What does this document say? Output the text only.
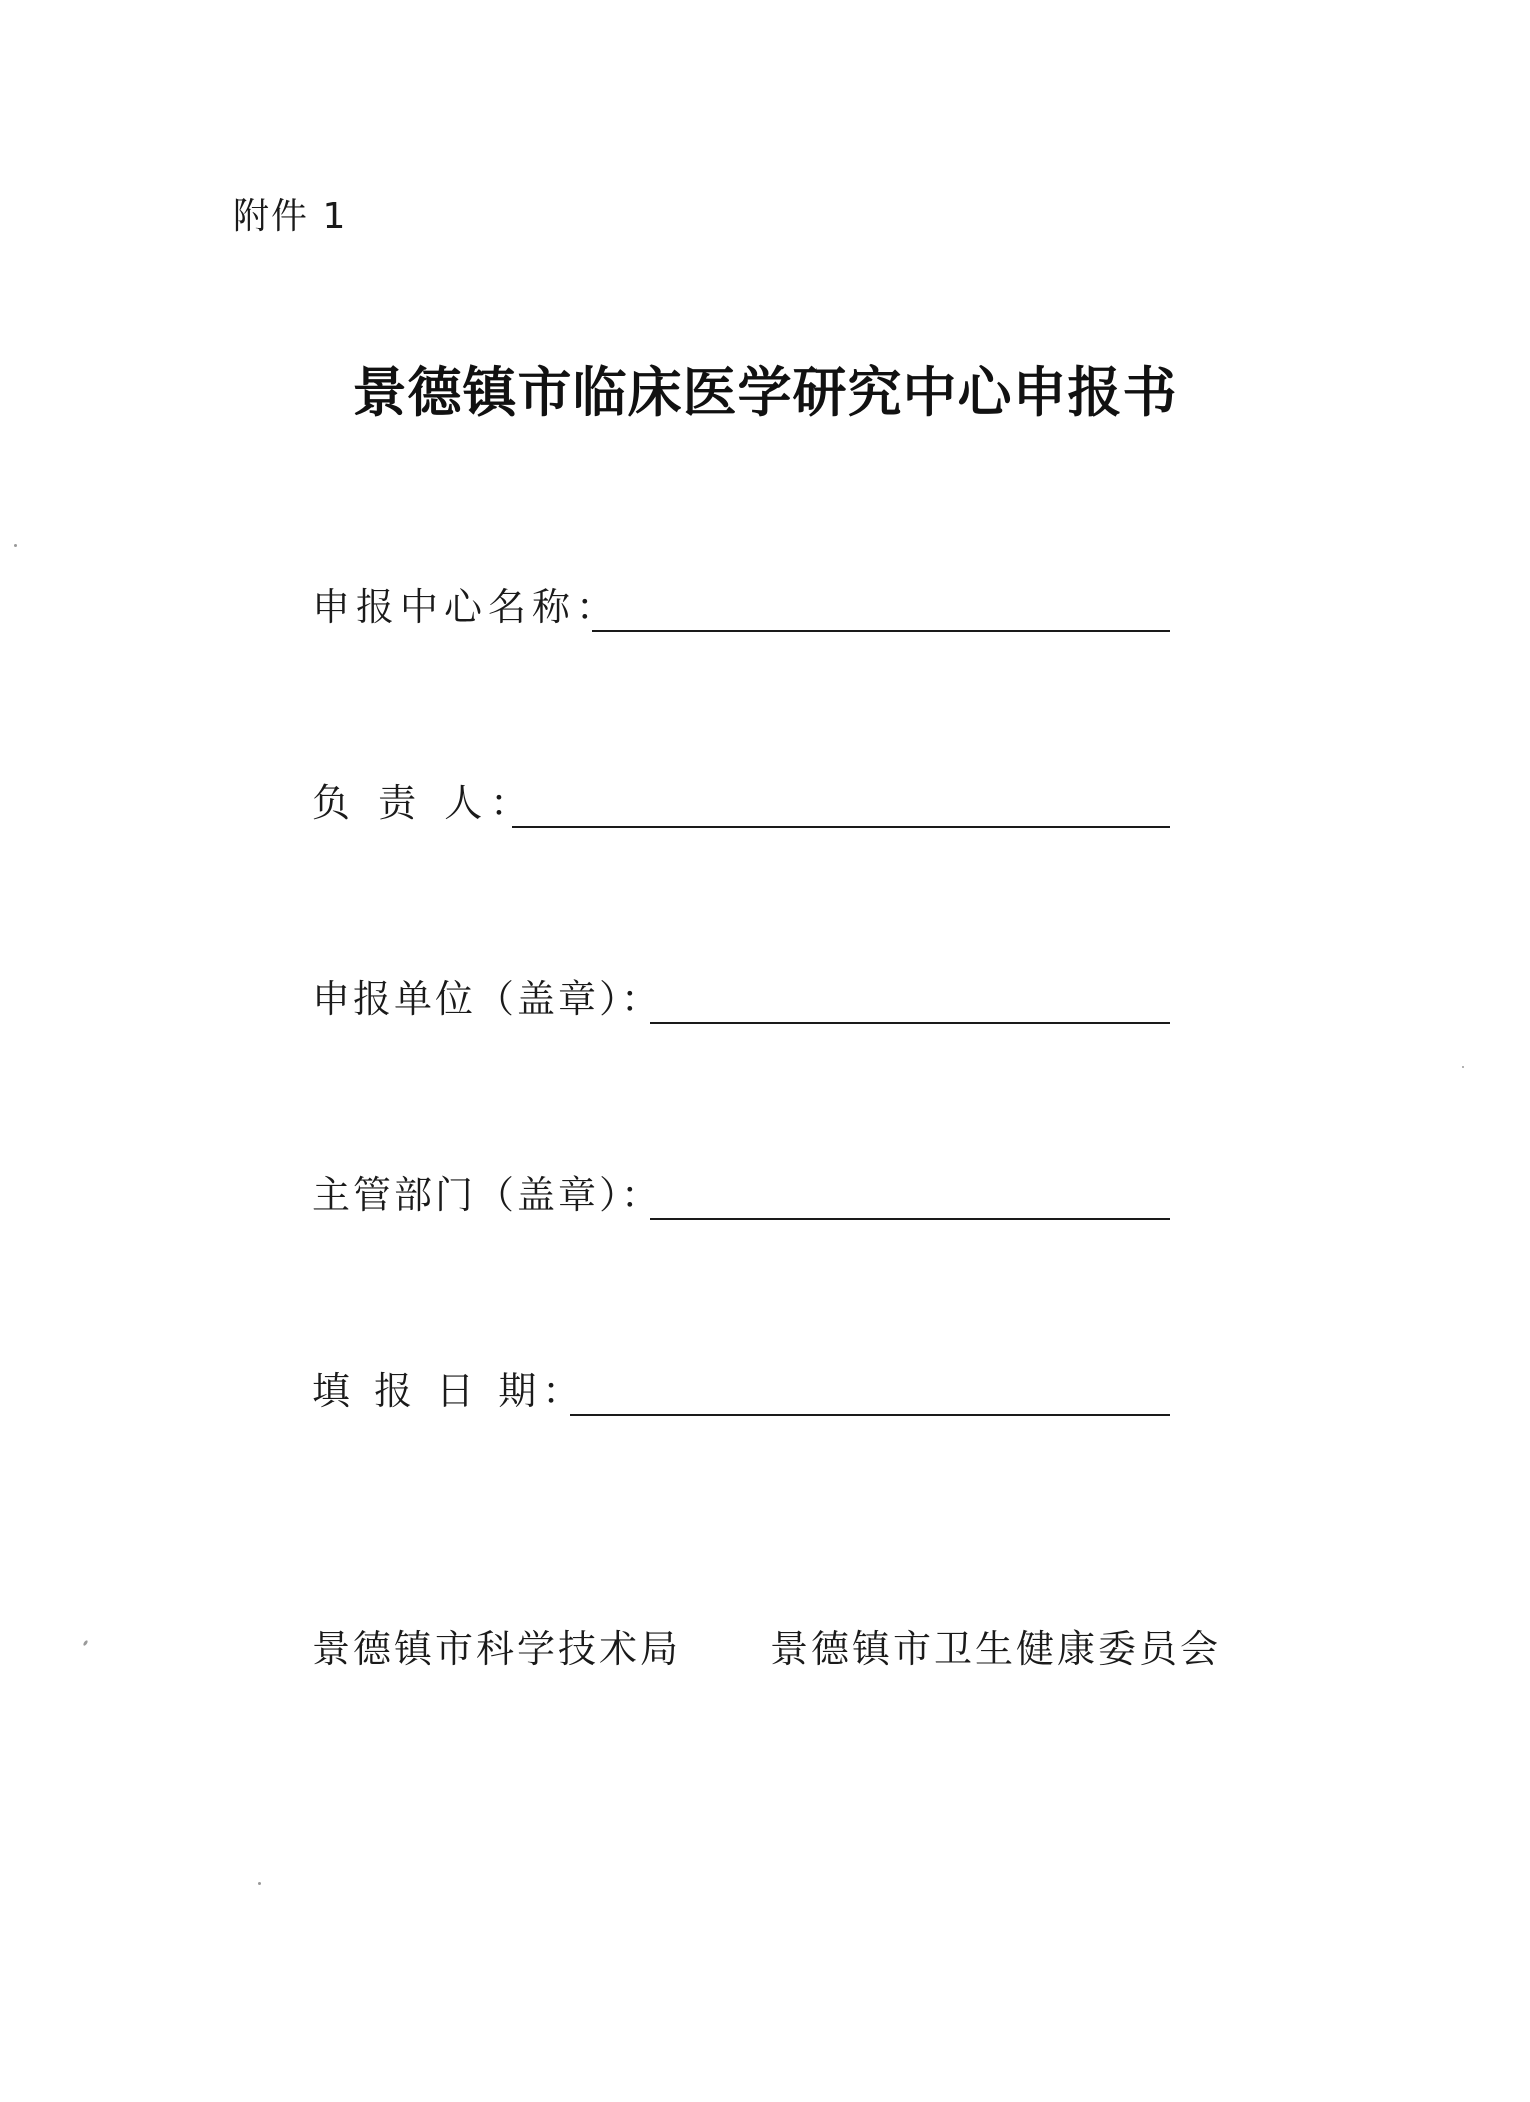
附件 1
景德镇市临床医学研究中心申报书
申报中心名称：
负 责 人：
申报单位（盖章）：
主管部门（盖章）：
填 报 日 期：
景德镇市科学技术局 景德镇市卫生健康委员会
